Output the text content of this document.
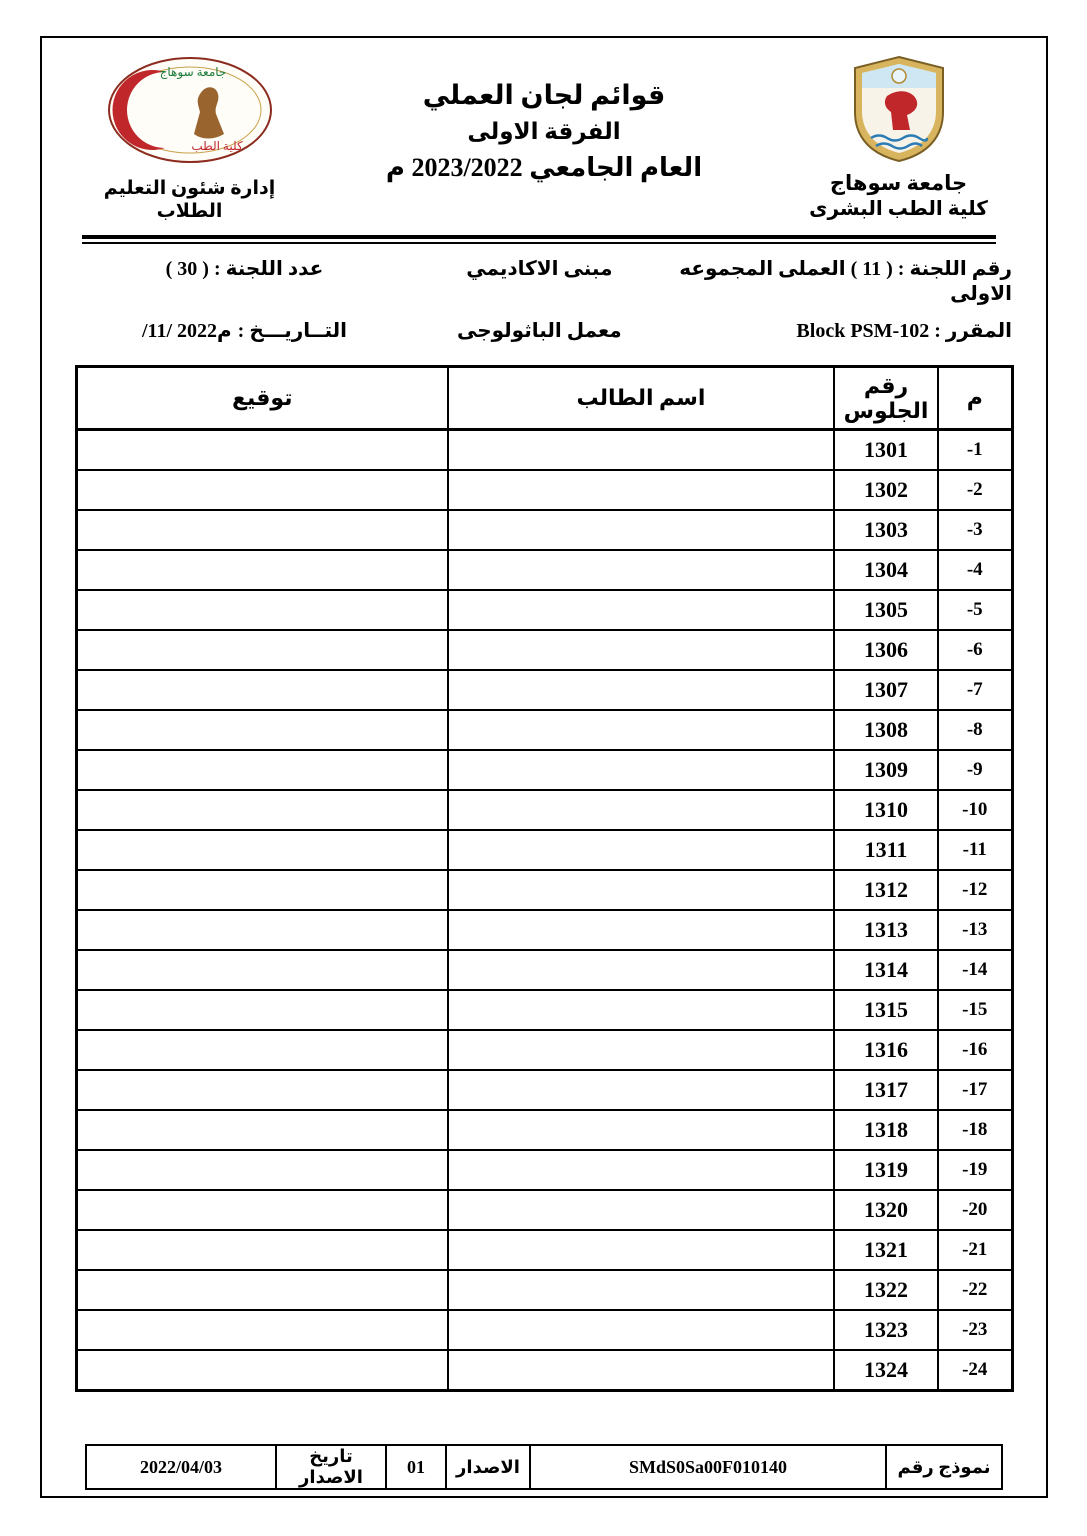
جامعة سوهاج
كلية الطب البشرى
قوائم لجان العملي
الفرقة الاولى
العام الجامعي 2023/2022 م
جامعة سوهاج
كلية الطب
إدارة شئون التعليم الطلاب
رقم اللجنة : ( 11 ) العملى المجموعه الاولى
مبنى الاكاديمي
عدد اللجنة : ( 30 )
المقرر : Block PSM-102
معمل الباثولوجى
التــاريـــخ :/11/ 2022م
م	رقم الجلوس	اسم الطالب	توقيع
-1	1301		
-2	1302		
-3	1303		
-4	1304		
-5	1305		
-6	1306		
-7	1307		
-8	1308		
-9	1309		
-10	1310		
-11	1311		
-12	1312		
-13	1313		
-14	1314		
-15	1315		
-16	1316		
-17	1317		
-18	1318		
-19	1319		
-20	1320		
-21	1321		
-22	1322		
-23	1323		
-24	1324		
نموذج رقم	SMdS0Sa00F010140	الاصدار	01	تاريخ الاصدار	2022/04/03
